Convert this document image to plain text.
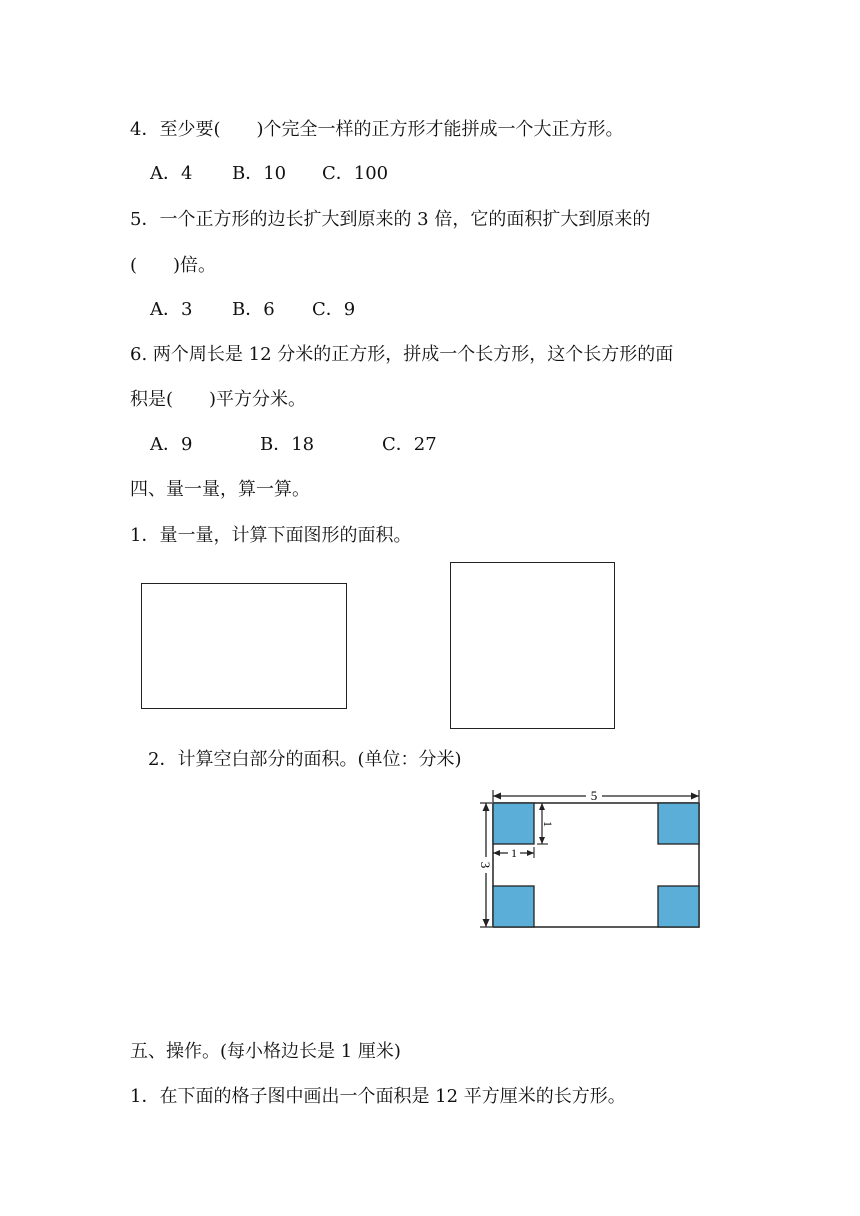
4．至少要(　　)个完全一样的正方形才能拼成一个大正方形。
A．4 B．10 C．100
5．一个正方形的边长扩大到原来的 3 倍，它的面积扩大到原来的
(　　)倍。
A．3 B．6 C．9
6. 两个周长是 12 分米的正方形，拼成一个长方形，这个长方形的面
积是(　　)平方分米。
A．9	B．18	C．27
四、量一量，算一算。
1．量一量，计算下面图形的面积。
2．计算空白部分的面积。(单位：分米)
5
3
1
1
五、操作。(每小格边长是 1 厘米)
1．在下面的格子图中画出一个面积是 12 平方厘米的长方形。
